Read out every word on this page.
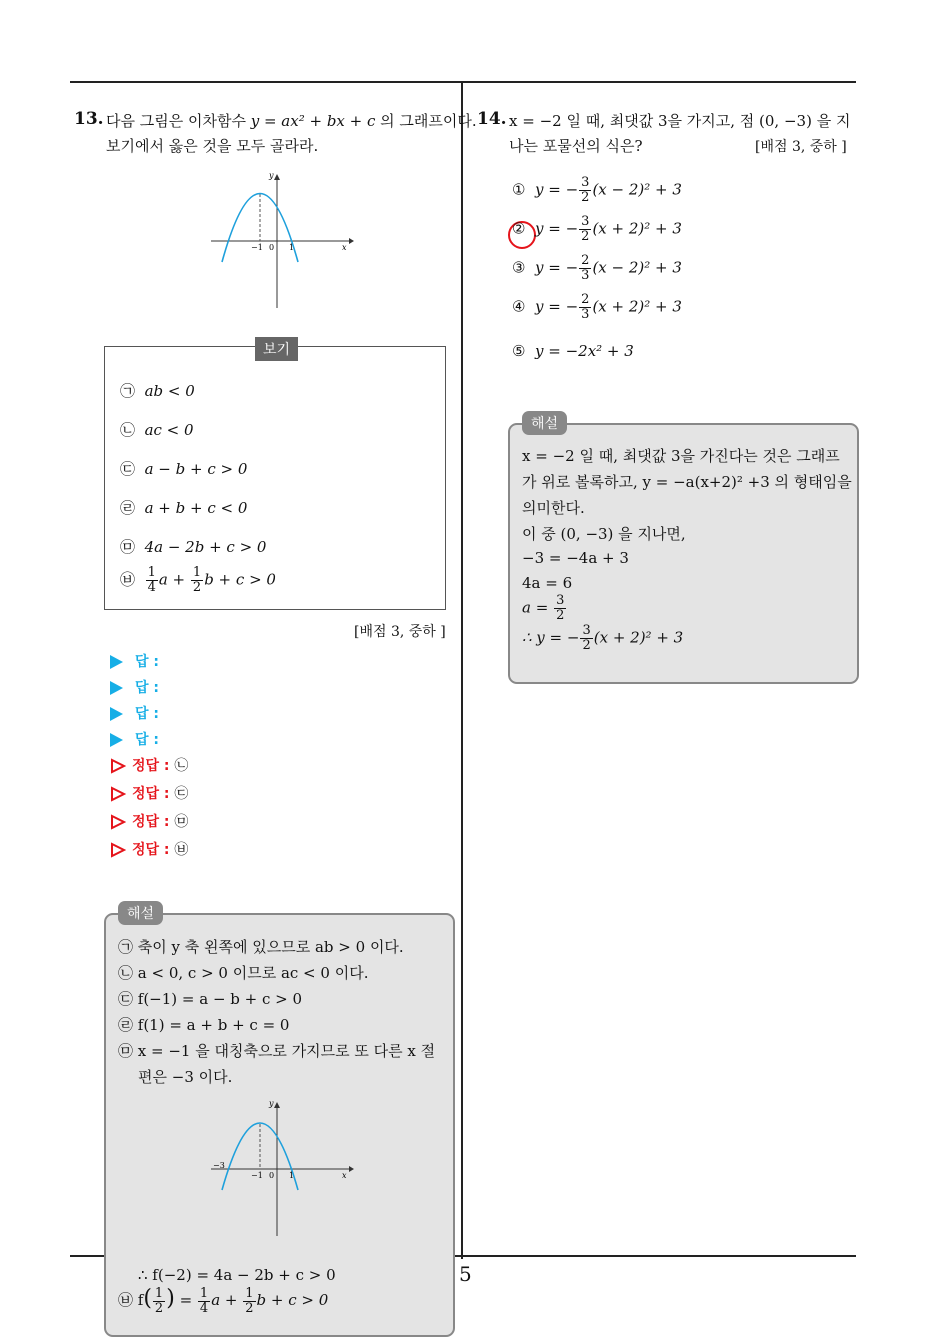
13. 다음 그림은 이차함수 y = ax² + bx + c 의 그래프이다.
보기에서 옳은 것을 모두 골라라.
y
x
−1 0 1
보기
㉠ ab < 0
㉡ ac < 0
㉢ a − b + c > 0
㉣ a + b + c < 0
㉤ 4a − 2b + c > 0
㉥ $\frac{1}{4}$ $a + \frac{1}{2}$ b + c > 0
[배점 3, 중하 ]
답 :
답 :
답 :
답 :
정답 : ㉡
정답 : ㉢
정답 : ㉤
정답 : ㉥
해설
㉠ 축이 y 축 왼쪽에 있으므로 ab > 0 이다.
㉡ a < 0, c > 0 이므로 ac < 0 이다.
㉢ f(−1) = a − b + c > 0
㉣ f(1) = a + b + c = 0
㉤ x = −1 을 대칭축으로 가지므로 또 다른 x 절
편은 −3 이다.
y
x
−3
−1 0 1
∴ f(−2) = 4a − 2b + c > 0
㉥ $f( \frac{1}{2}$ ) = $\frac{1}{4}$ $a + \frac{1}{2}$ b + c > 0
5
14. x = −2 일 때, 최댓값 3을 가지고, 점 (0, −3) 을 지
나는 포물선의 식은?	[배점 3, 중하 ]
① y = − $\frac{3}{2} (x - 2)^2 + 3$
② y = − $\frac{3}{2} (x + 2)^2 + 3$
③ y = − $\frac{2}{3} (x - 2)^2 + 3$
④ y = − $\frac{2}{3} (x + 2)^2 + 3$
⑤ y = −2x² + 3
해설
x = −2 일 때, 최댓값 3을 가진다는 것은 그래프
가 위로 볼록하고, y = −a(x+2)² +3 의 형태임을
의미한다.
이 중 (0, −3) 을 지나면,
−3 = −4a + 3
4a = 6
$a = \frac{3}{2}$
∴ y = − $\frac{3}{2} (x + 2)^2 + 3$
